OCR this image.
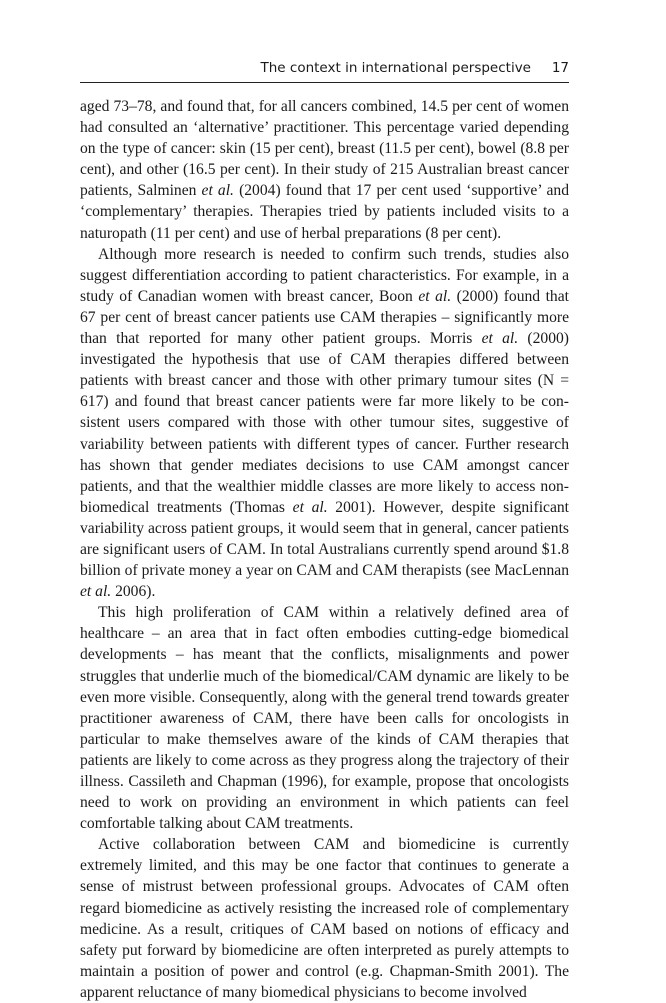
The context in international perspective 17

aged 73–78, and found that, for all cancers combined, 14.5 per cent of women had consulted an ‘alternative’ practitioner. This percentage varied depending on the type of cancer: skin (15 per cent), breast (11.5 per cent), bowel (8.8 per cent), and other (16.5 per cent). In their study of 215 Australian breast cancer patients, Salminen et al. (2004) found that 17 per cent used ‘supportive’ and ‘complementary’ therapies. Therapies tried by patients included visits to a naturopath (11 per cent) and use of herbal preparations (8 per cent).

Although more research is needed to confirm such trends, studies also suggest differentiation according to patient characteristics. For example, in a study of Canadian women with breast cancer, Boon et al. (2000) found that 67 per cent of breast cancer patients use CAM therapies – significantly more than that reported for many other patient groups. Morris et al. (2000) investigated the hypothesis that use of CAM therapies differed between patients with breast cancer and those with other primary tumour sites (N = 617) and found that breast cancer patients were far more likely to be consistent users compared with those with other tumour sites, suggestive of variability between patients with different types of cancer. Further research has shown that gender mediates decisions to use CAM amongst cancer patients, and that the wealthier middle classes are more likely to access non-biomedical treatments (Thomas et al. 2001). However, despite significant variability across patient groups, it would seem that in general, cancer patients are significant users of CAM. In total Australians currently spend around $1.8 billion of private money a year on CAM and CAM therapists (see MacLennan et al. 2006).

This high proliferation of CAM within a relatively defined area of healthcare – an area that in fact often embodies cutting-edge biomedical developments – has meant that the conflicts, misalignments and power struggles that underlie much of the biomedical/CAM dynamic are likely to be even more visible. Consequently, along with the general trend towards greater practitioner awareness of CAM, there have been calls for oncologists in particular to make themselves aware of the kinds of CAM therapies that patients are likely to come across as they progress along the trajectory of their illness. Cassileth and Chapman (1996), for example, propose that oncologists need to work on providing an environment in which patients can feel comfortable talking about CAM treatments.

Active collaboration between CAM and biomedicine is currently extremely limited, and this may be one factor that continues to generate a sense of mistrust between professional groups. Advocates of CAM often regard biomedicine as actively resisting the increased role of complementary medicine. As a result, critiques of CAM based on notions of efficacy and safety put forward by biomedicine are often interpreted as purely attempts to maintain a position of power and control (e.g. Chapman-Smith 2001). The apparent reluctance of many biomedical physicians to become involved
